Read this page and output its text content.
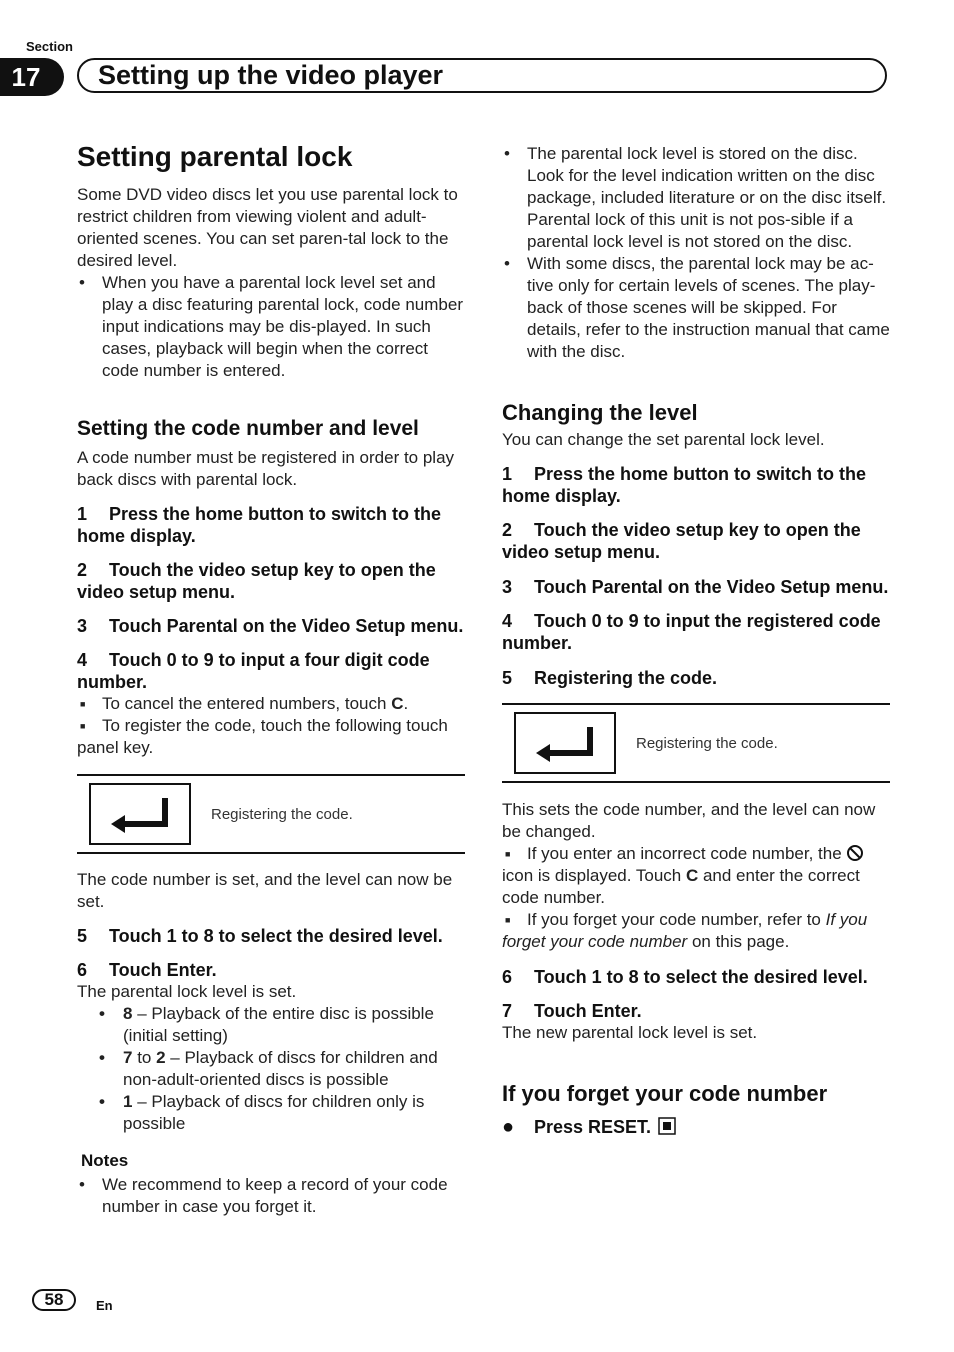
Section
17	Setting up the video player
Setting parental lock

Some DVD video discs let you use parental lock to restrict children from viewing violent and adult-oriented scenes. You can set paren-tal lock to the desired level.

• When you have a parental lock level set and play a disc featuring parental lock, code number input indications may be dis-played. In such cases, playback will begin when the correct code number is entered.
Setting the code number and level

A code number must be registered in order to play back discs with parental lock.

1 Press the home button to switch to the home display.
2 Touch the video setup key to open the video setup menu.
3 Touch Parental on the Video Setup menu.
4 Touch 0 to 9 to input a four digit code number.
■ To cancel the entered numbers, touch C.
■ To register the code, touch the following touch panel key.
Registering the code.

The code number is set, and the level can now be set.

5 Touch 1 to 8 to select the desired level.
6 Touch Enter.

The parental lock level is set.

• 8 – Playback of the entire disc is possible (initial setting)
• 7 to 2 – Playback of discs for children and non-adult-oriented discs is possible
• 1 – Playback of discs for children only is possible
Notes
• We recommend to keep a record of your code number in case you forget it.
• The parental lock level is stored on the disc. Look for the level indication written on the disc package, included literature or on the disc itself. Parental lock of this unit is not pos-sible if a parental lock level is not stored on the disc.
• With some discs, the parental lock may be ac-tive only for certain levels of scenes. The play-back of those scenes will be skipped. For details, refer to the instruction manual that came with the disc.
Changing the level

You can change the set parental lock level.

1 Press the home button to switch to the home display.
2 Touch the video setup key to open the video setup menu.
3 Touch Parental on the Video Setup menu.
4 Touch 0 to 9 to input the registered code number.
5 Registering the code.
Registering the code.

This sets the code number, and the level can now be changed.

■ If you enter an incorrect code number, the  icon is displayed. Touch C and enter the correct code number.
■ If you forget your code number, refer to If you forget your code number on this page.
6 Touch 1 to 8 to select the desired level.
7 Touch Enter.

The new parental lock level is set.

If you forget your code number
● Press RESET.
58	En
